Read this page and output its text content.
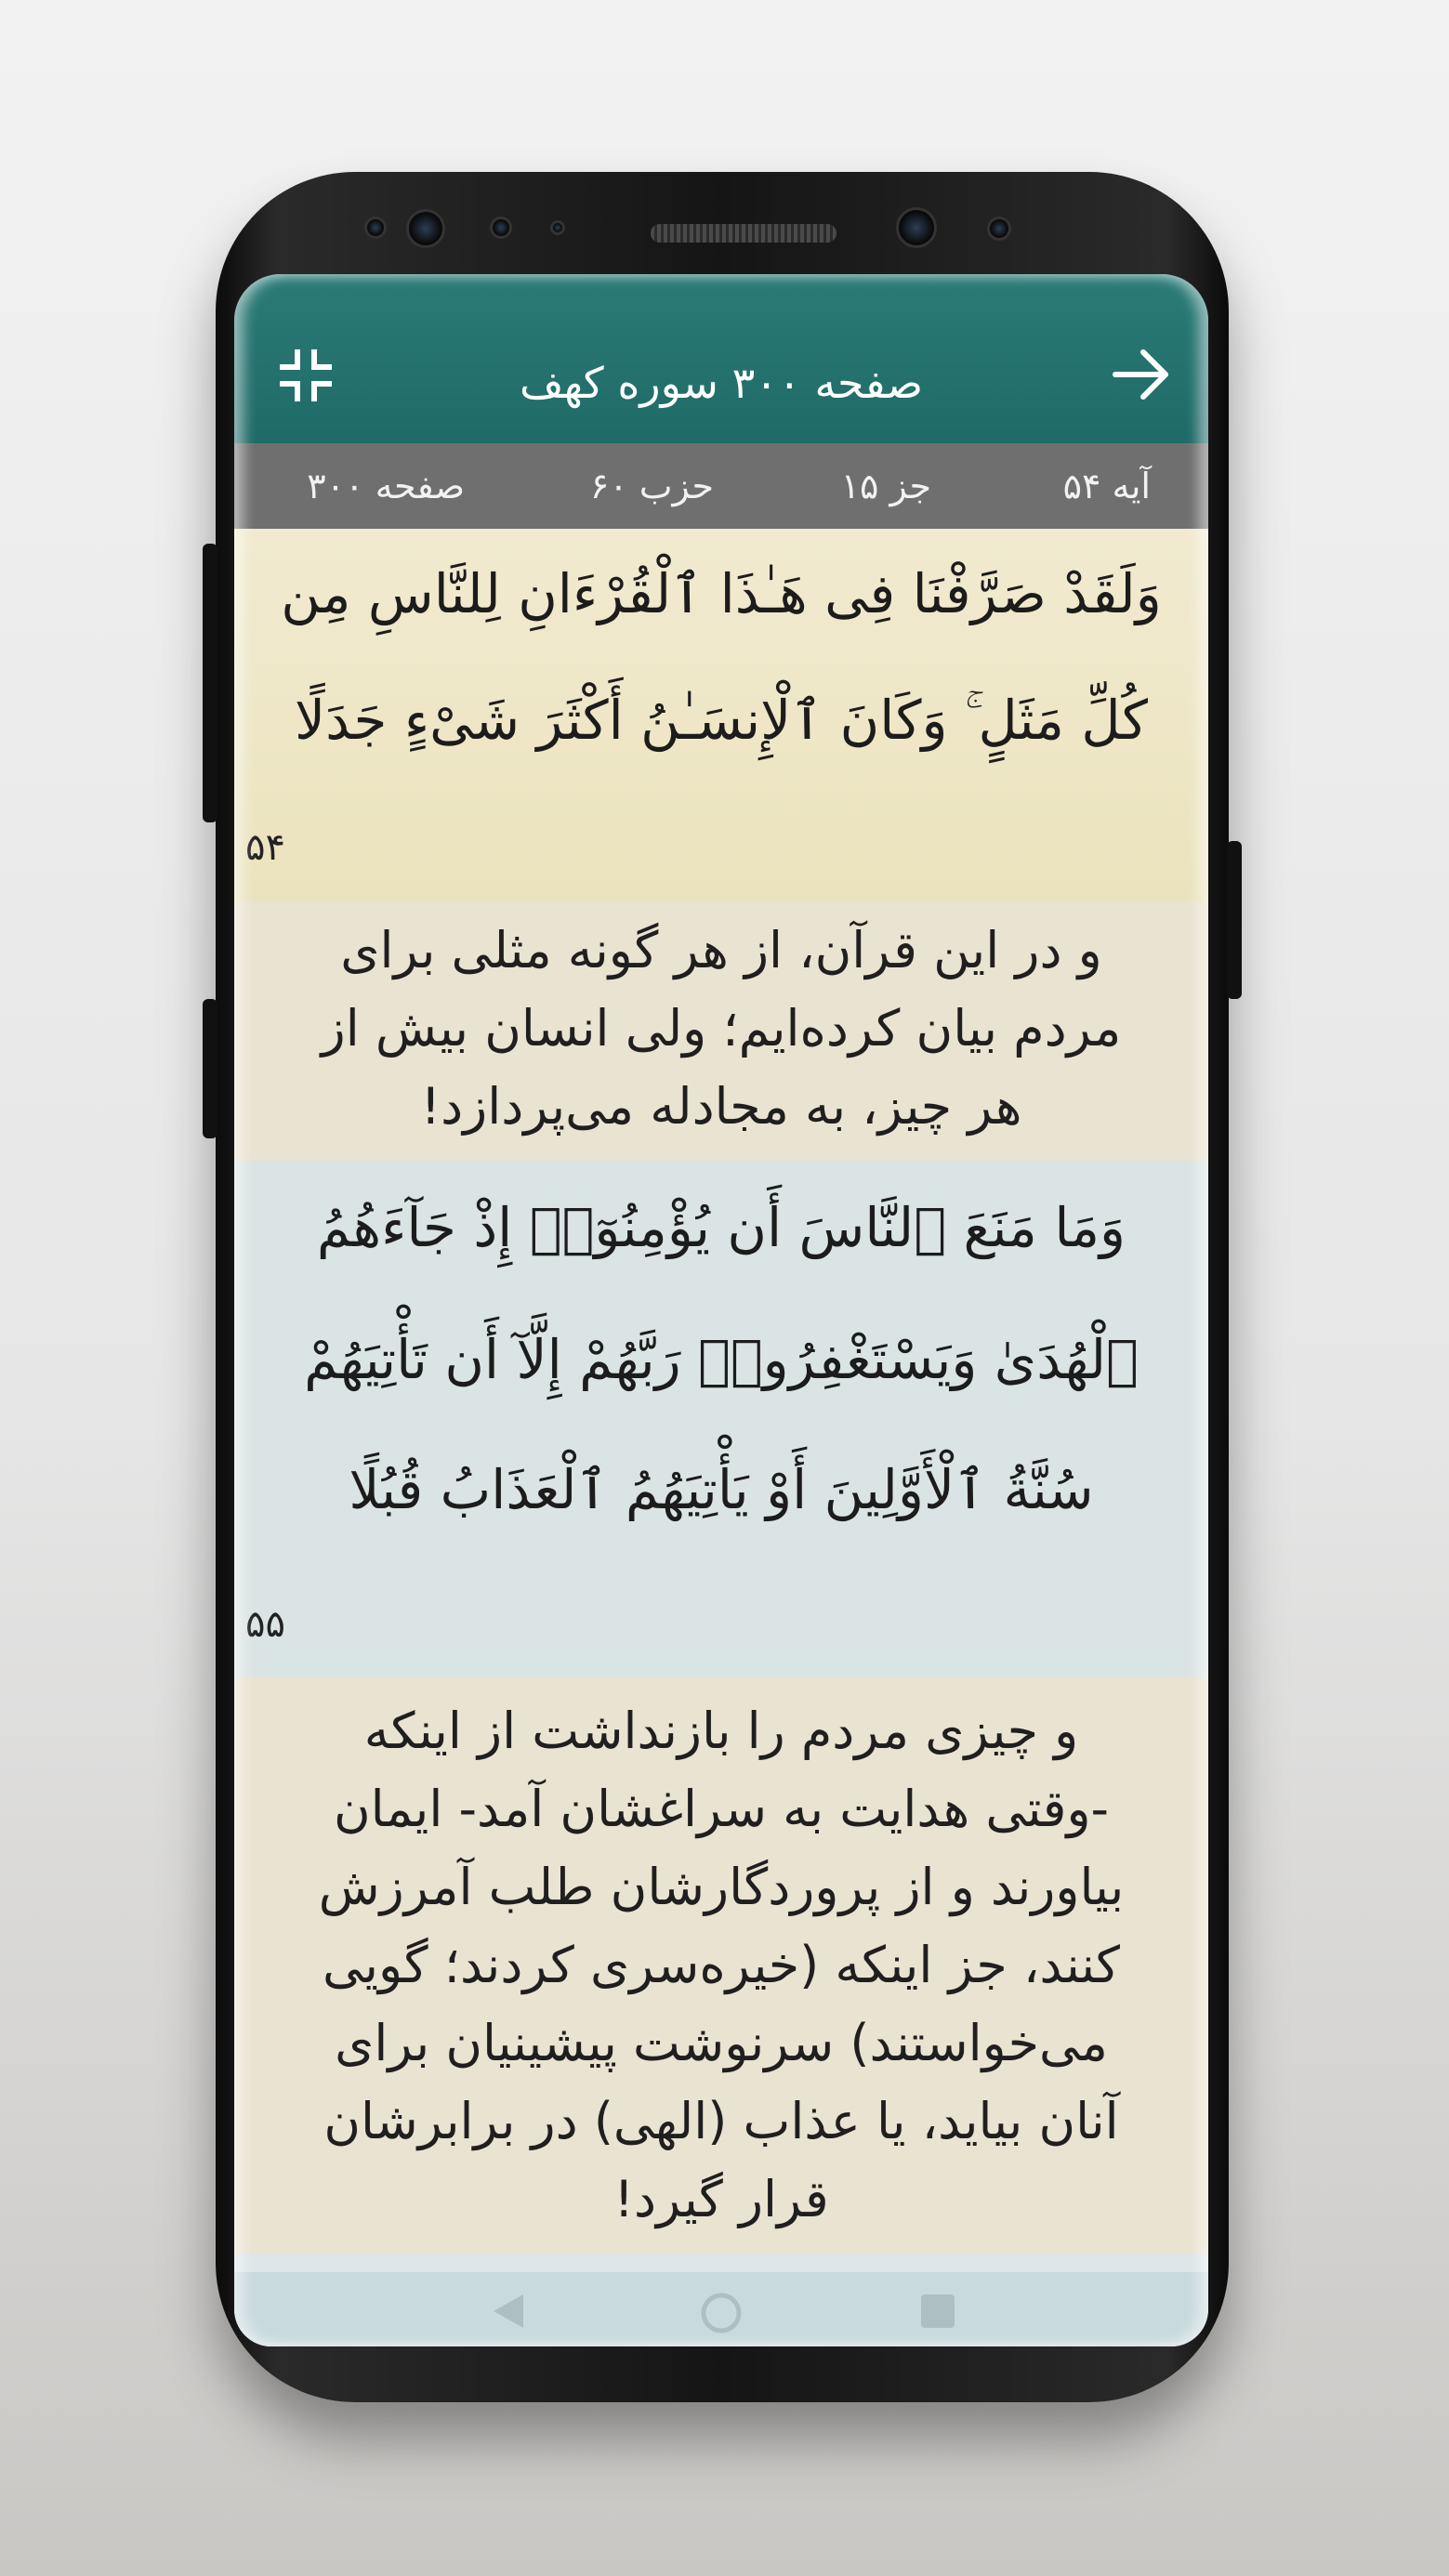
صفحه ۳۰۰ سوره کهف
آیه ۵۴
جز ۱۵
حزب ۶۰
صفحه ۳۰۰
وَلَقَدْ صَرَّفْنَا فِى هَـٰذَا ٱلْقُرْءَانِ لِلنَّاسِ مِن
كُلِّ مَثَلٍ ۚ وَكَانَ ٱلْإِنسَـٰنُ أَكْثَرَ شَىْءٍ جَدَلًا
۵۴
و در این قرآن، از هر گونه مثلی برای
مردم بیان کرده‌ایم؛ ولی انسان بیش از
هر چیز، به مجادله می‌پردازد!
وَمَا مَنَعَ ٱلنَّاسَ أَن يُؤْمِنُوٓا۟ إِذْ جَآءَهُمُ
ٱلْهُدَىٰ وَيَسْتَغْفِرُوا۟ رَبَّهُمْ إِلَّآ أَن تَأْتِيَهُمْ
سُنَّةُ ٱلْأَوَّلِينَ أَوْ يَأْتِيَهُمُ ٱلْعَذَابُ قُبُلًا
۵۵
و چیزی مردم را بازنداشت از اینکه
-وقتی هدایت به سراغشان آمد- ایمان
بیاورند و از پروردگارشان طلب آمرزش
کنند، جز اینکه (خیره‌سری کردند؛ گویی
می‌خواستند) سرنوشت پیشینیان برای
آنان بیاید، یا عذاب (الهی) در برابرشان
قرار گیرد!
